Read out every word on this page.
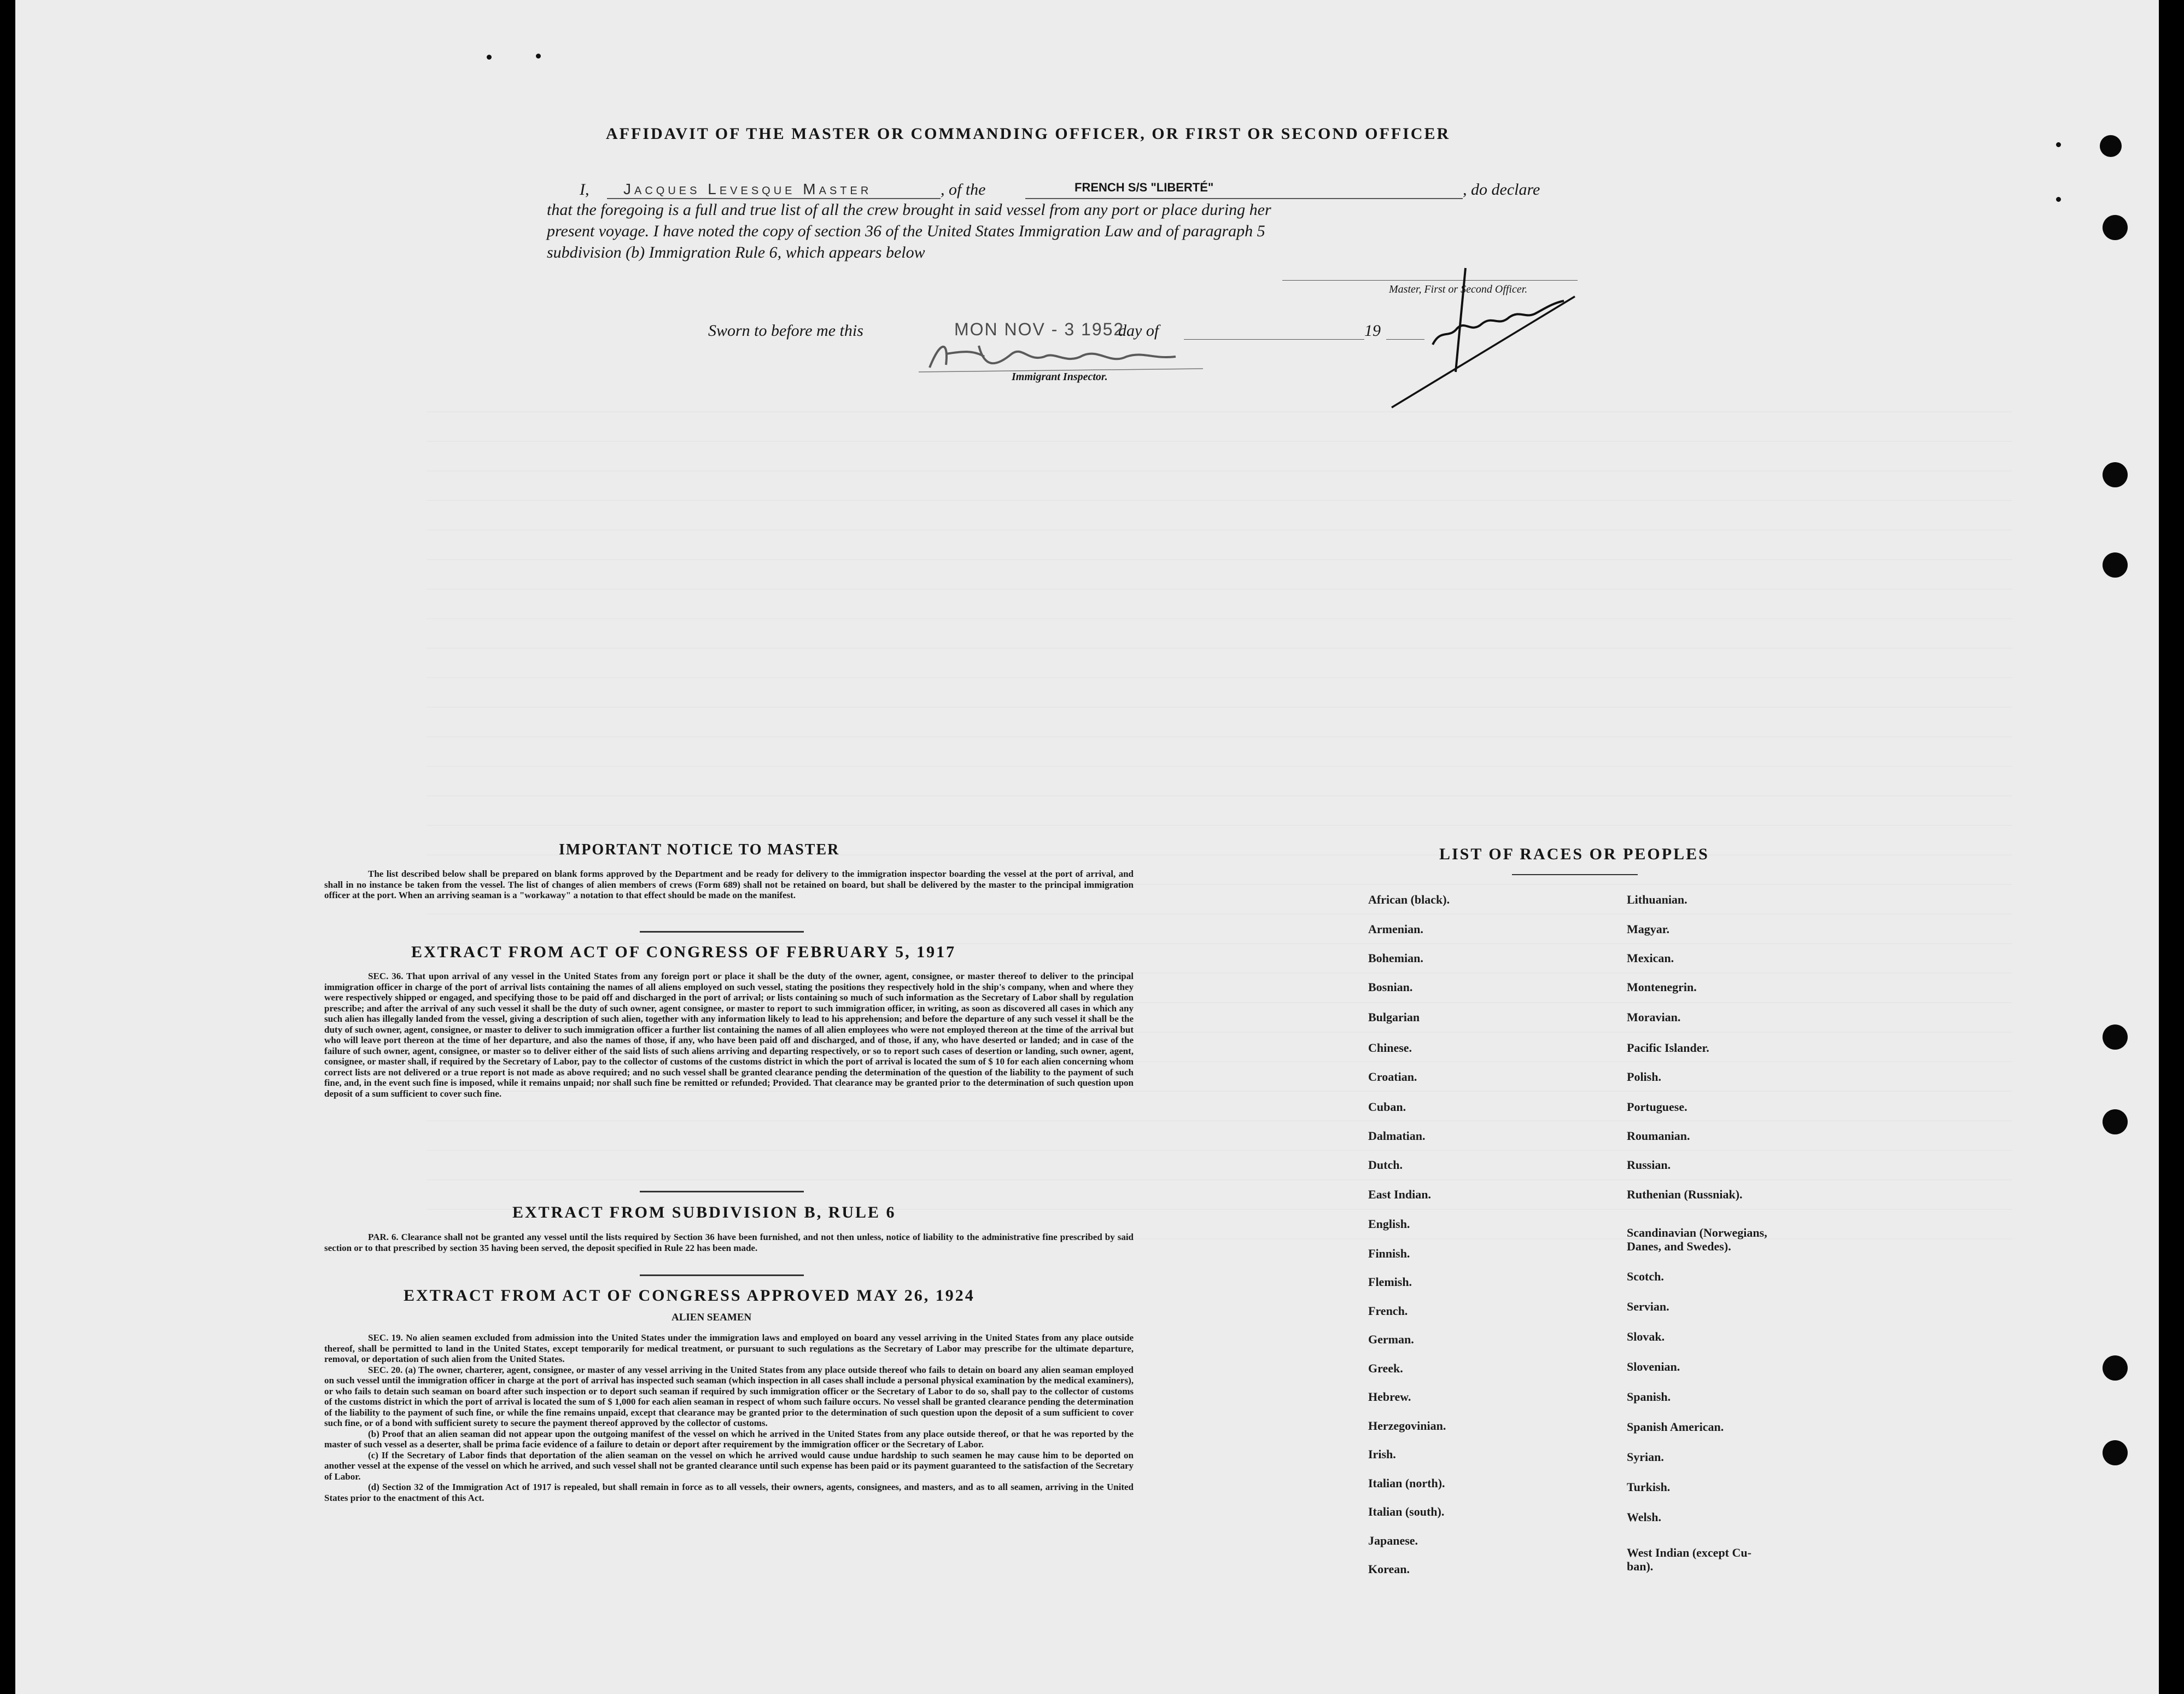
AFFIDAVIT OF THE MASTER OR COMMANDING OFFICER, OR FIRST OR SECOND OFFICER
I, Jacques Levesque Master	, of the	FRENCH S/S "LIBERTÉ"	, do declare
that the foregoing is a full and true list of all the crew brought in said vessel from any port or place during her
present voyage. I have noted the copy of section 36 of the United States Immigration Law and of paragraph 5
subdivision (b) Immigration Rule 6, which appears below
Master, First or Second Officer.
Sworn to before me this	MON NOV - 3 1952
day of	19
Immigrant Inspector.
IMPORTANT NOTICE TO MASTER

The list described below shall be prepared on blank forms approved by the Department and be ready for delivery to the immigration inspector boarding the vessel at the port of arrival, and shall in no instance be taken from the vessel. The list of changes of alien members of crews (Form 689) shall not be retained on board, but shall be delivered by the master to the principal immigration officer at the port. When an arriving seaman is a "workaway" a notation to that effect should be made on the manifest.

EXTRACT FROM ACT OF CONGRESS OF FEBRUARY 5, 1917

SEC. 36. That upon arrival of any vessel in the United States from any foreign port or place it shall be the duty of the owner, agent, consignee, or master thereof to deliver to the principal immigration officer in charge of the port of arrival lists containing the names of all aliens employed on such vessel, stating the positions they respectively hold in the ship's company, when and where they were respectively shipped or engaged, and specifying those to be paid off and discharged in the port of arrival; or lists containing so much of such information as the Secretary of Labor shall by regulation prescribe; and after the arrival of any such vessel it shall be the duty of such owner, agent consignee, or master to report to such immigration officer, in writing, as soon as discovered all cases in which any such alien has illegally landed from the vessel, giving a description of such alien, together with any information likely to lead to his apprehension; and before the departure of any such vessel it shall be the duty of such owner, agent, consignee, or master to deliver to such immigration officer a further list containing the names of all alien employees who were not employed thereon at the time of the arrival but who will leave port thereon at the time of her departure, and also the names of those, if any, who have been paid off and discharged, and of those, if any, who have deserted or landed; and in case of the failure of such owner, agent, consignee, or master so to deliver either of the said lists of such aliens arriving and departing respectively, or so to report such cases of desertion or landing, such owner, agent, consignee, or master shall, if required by the Secretary of Labor, pay to the collector of customs of the customs district in which the port of arrival is located the sum of $ 10 for each alien concerning whom correct lists are not delivered or a true report is not made as above required; and no such vessel shall be granted clearance pending the determination of the question of the liability to the payment of such fine, and, in the event such fine is imposed, while it remains unpaid; nor shall such fine be remitted or refunded; Provided. That clearance may be granted prior to the determination of such question upon deposit of a sum sufficient to cover such fine.

EXTRACT FROM SUBDIVISION B, RULE 6

PAR. 6. Clearance shall not be granted any vessel until the lists required by Section 36 have been furnished, and not then unless, notice of liability to the administrative fine prescribed by said section or to that prescribed by section 35 having been served, the deposit specified in Rule 22 has been made.

EXTRACT FROM ACT OF CONGRESS APPROVED MAY 26, 1924
ALIEN SEAMEN

SEC. 19. No alien seamen excluded from admission into the United States under the immigration laws and employed on board any vessel arriving in the United States from any place outside thereof, shall be permitted to land in the United States, except temporarily for medical treatment, or pursuant to such regulations as the Secretary of Labor may prescribe for the ultimate departure, removal, or deportation of such alien from the United States.

SEC. 20. (a) The owner, charterer, agent, consignee, or master of any vessel arriving in the United States from any place outside thereof who fails to detain on board any alien seaman employed on such vessel until the immigration officer in charge at the port of arrival has inspected such seaman (which inspection in all cases shall include a personal physical examination by the medical examiners), or who fails to detain such seaman on board after such inspection or to deport such seaman if required by such immigration officer or the Secretary of Labor to do so, shall pay to the collector of customs of the customs district in which the port of arrival is located the sum of $ 1,000 for each alien seaman in respect of whom such failure occurs. No vessel shall be granted clearance pending the determination of the liability to the payment of such fine, or while the fine remains unpaid, except that clearance may be granted prior to the determination of such question upon the deposit of a sum sufficient to cover such fine, or of a bond with sufficient surety to secure the payment thereof approved by the collector of customs.

(b) Proof that an alien seaman did not appear upon the outgoing manifest of the vessel on which he arrived in the United States from any place outside thereof, or that he was reported by the master of such vessel as a deserter, shall be prima facie evidence of a failure to detain or deport after requirement by the immigration officer or the Secretary of Labor.

(c) If the Secretary of Labor finds that deportation of the alien seaman on the vessel on which he arrived would cause undue hardship to such seamen he may cause him to be deported on another vessel at the expense of the vessel on which he arrived, and such vessel shall not be granted clearance until such expense has been paid or its payment guaranteed to the satisfaction of the Secretary of Labor.

(d) Section 32 of the Immigration Act of 1917 is repealed, but shall remain in force as to all vessels, their owners, agents, consignees, and masters, and as to all seamen, arriving in the United States prior to the enactment of this Act.

LIST OF RACES OR PEOPLES
African (black).
Armenian.
Bohemian.
Bosnian.
Bulgarian
Chinese.
Croatian.
Cuban.
Dalmatian.
Dutch.
East Indian.
English.
Finnish.
Flemish.
French.
German.
Greek.
Hebrew.
Herzegovinian.
Irish.
Italian (north).
Italian (south).
Japanese.
Korean.
Lithuanian.
Magyar.
Mexican.
Montenegrin.
Moravian.
Pacific Islander.
Polish.
Portuguese.
Roumanian.
Russian.
Ruthenian (Russniak).
Scandinavian (Norwegians,
Danes, and Swedes).
Scotch.
Servian.
Slovak.
Slovenian.
Spanish.
Spanish American.
Syrian.
Turkish.
Welsh.
West Indian (except Cu-
ban).
